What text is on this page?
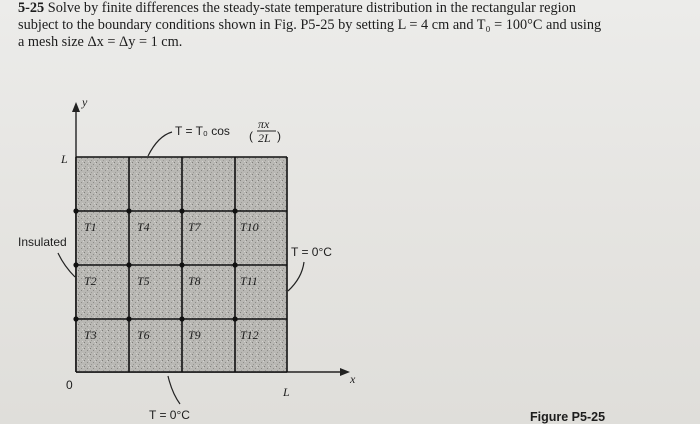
5-25 Solve by finite differences the steady-state temperature distribution in the rectangular region
subject to the boundary conditions shown in Fig. P5-25 by setting L = 4 cm and T₀ = 100°C and using
a mesh size Δx = Δy = 1 cm.
T1
T2
T3
T4
T5
T6
T7
T8
T9
T10
T11
T12
y
x
L
L
0
T = T₀ cos (
πx
2L )
Insulated
T = 0°C
T = 0°C	Figure P5-25
